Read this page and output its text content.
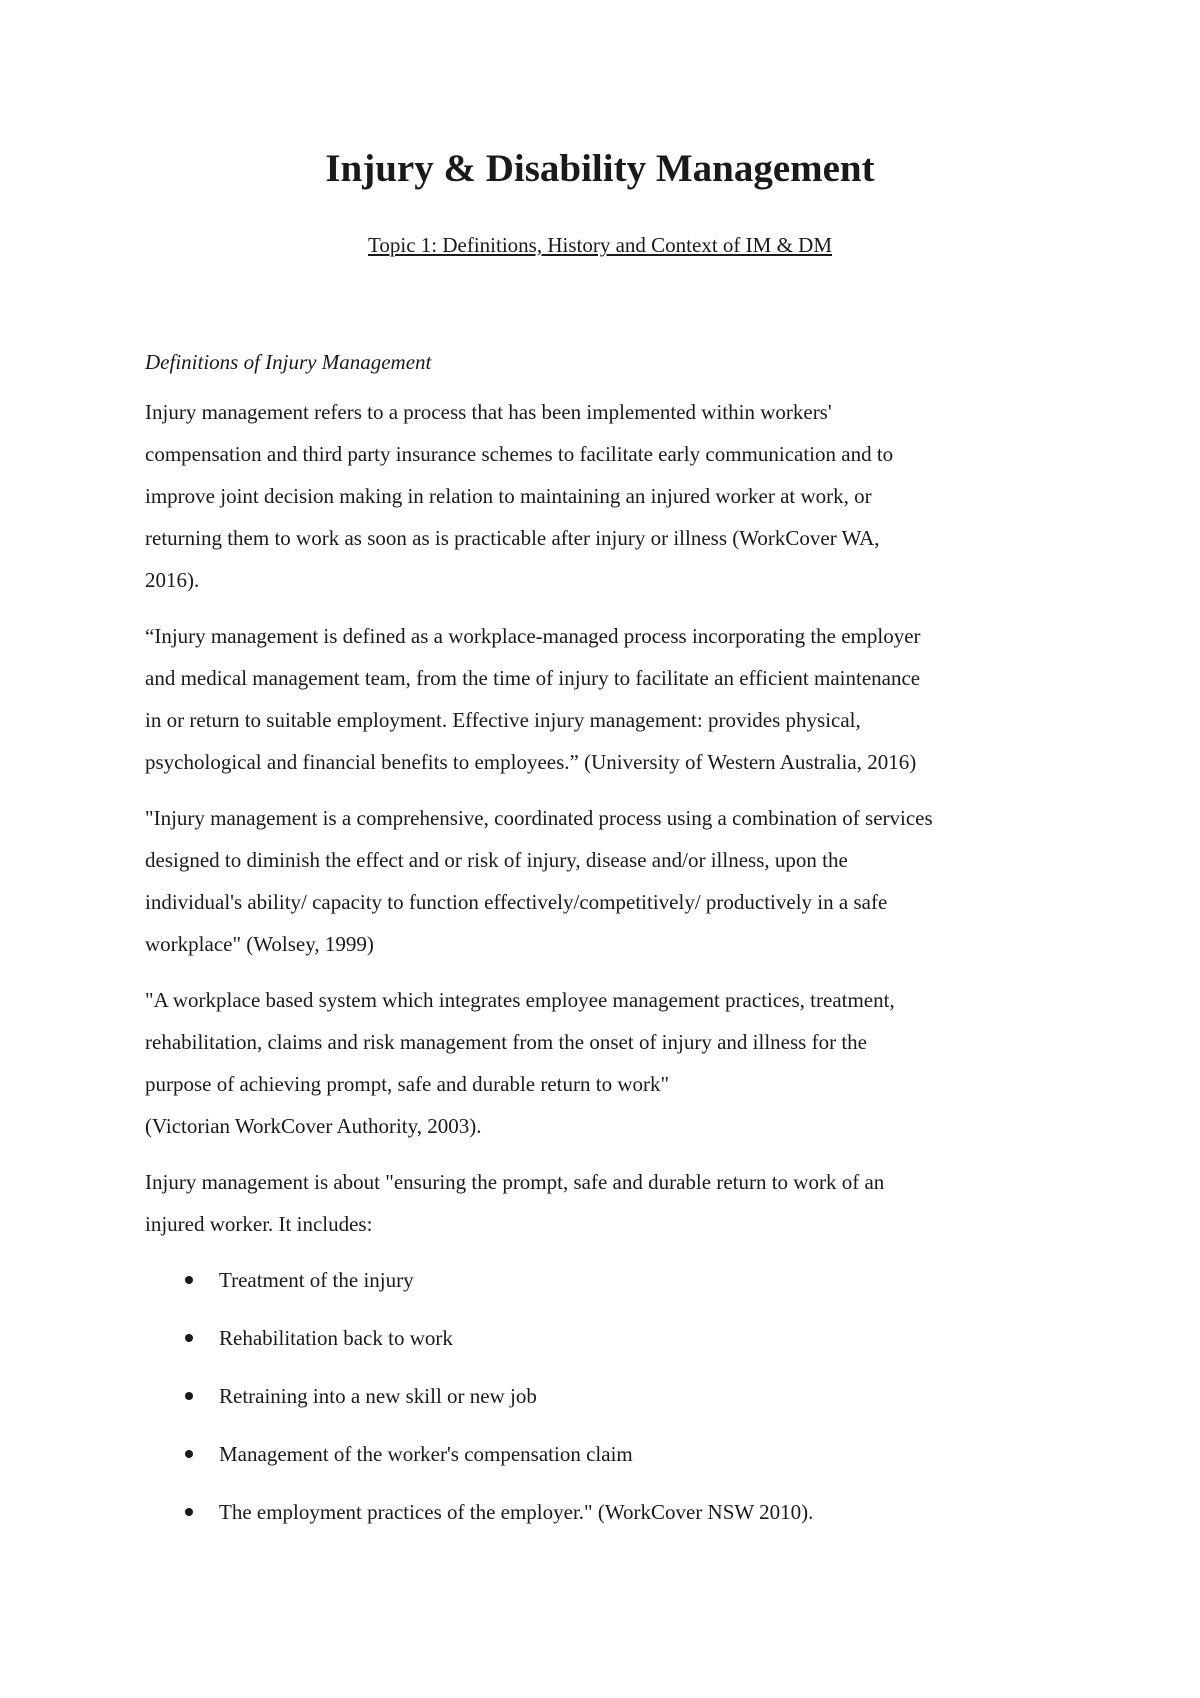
Injury & Disability Management

Topic 1: Definitions, History and Context of IM & DM

Definitions of Injury Management

Injury management refers to a process that has been implemented within workers'
compensation and third party insurance schemes to facilitate early communication and to
improve joint decision making in relation to maintaining an injured worker at work, or
returning them to work as soon as is practicable after injury or illness (WorkCover WA,
2016).

“Injury management is defined as a workplace-managed process incorporating the employer
and medical management team, from the time of injury to facilitate an efficient maintenance
in or return to suitable employment. Effective injury management: provides physical,
psychological and financial benefits to employees.” (University of Western Australia, 2016)

"Injury management is a comprehensive, coordinated process using a combination of services
designed to diminish the effect and or risk of injury, disease and/or illness, upon the
individual's ability/ capacity to function effectively/competitively/ productively in a safe
workplace" (Wolsey, 1999)

"A workplace based system which integrates employee management practices, treatment,
rehabilitation, claims and risk management from the onset of injury and illness for the
purpose of achieving prompt, safe and durable return to work"
(Victorian WorkCover Authority, 2003).

Injury management is about "ensuring the prompt, safe and durable return to work of an
injured worker. It includes:

Treatment of the injury
Rehabilitation back to work
Retraining into a new skill or new job
Management of the worker's compensation claim
The employment practices of the employer." (WorkCover NSW 2010).
